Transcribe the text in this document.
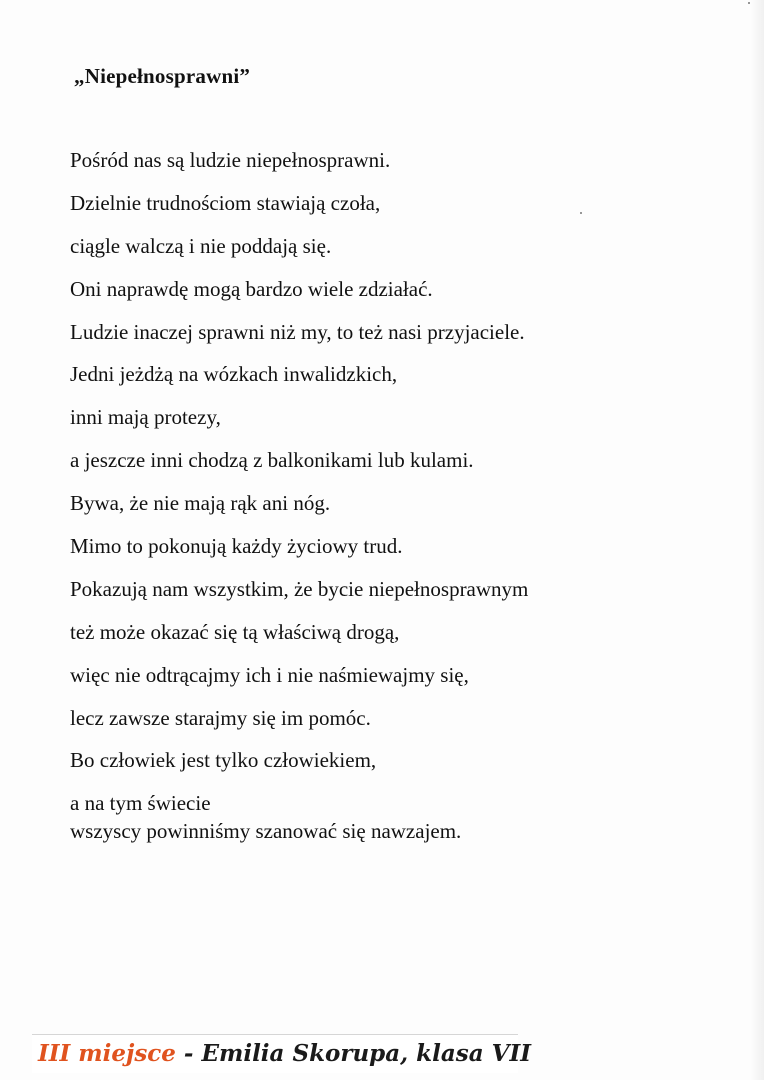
„Niepełnosprawni”
Pośród nas są ludzie niepełnosprawni.
Dzielnie trudnościom stawiają czoła,
ciągle walczą i nie poddają się.
Oni naprawdę mogą bardzo wiele zdziałać.
Ludzie inaczej sprawni niż my, to też nasi przyjaciele.
Jedni jeżdżą na wózkach inwalidzkich,
inni mają protezy,
a jeszcze inni chodzą z balkonikami lub kulami.
Bywa, że nie mają rąk ani nóg.
Mimo to pokonują każdy życiowy trud.
Pokazują nam wszystkim, że bycie niepełnosprawnym
też może okazać się tą właściwą drogą,
więc nie odtrącajmy ich i nie naśmiewajmy się,
lecz zawsze starajmy się im pomóc.
Bo człowiek jest tylko człowiekiem,
a na tym świecie
wszyscy powinniśmy szanować się nawzajem.
III miejsce - Emilia Skorupa, klasa VII
